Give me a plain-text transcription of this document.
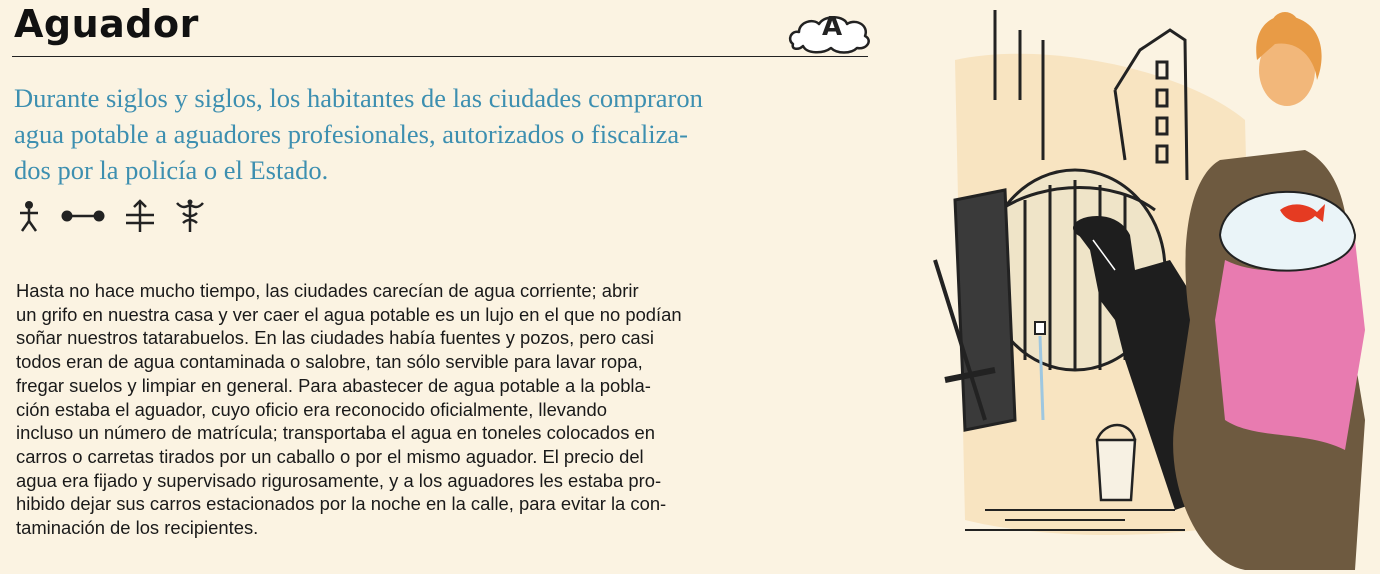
Aguador	A

Durante siglos y siglos, los habitantes de las ciudades compraron
agua potable a aguadores profesionales, autorizados o fiscaliza-
dos por la policía o el Estado.

Hasta no hace mucho tiempo, las ciudades carecían de agua corriente; abrir
un grifo en nuestra casa y ver caer el agua potable es un lujo en el que no podían
soñar nuestros tatarabuelos. En las ciudades había fuentes y pozos, pero casi
todos eran de agua contaminada o salobre, tan sólo servible para lavar ropa,
fregar suelos y limpiar en general. Para abastecer de agua potable a la pobla-
ción estaba el aguador, cuyo oficio era reconocido oficialmente, llevando
incluso un número de matrícula; transportaba el agua en toneles colocados en
carros o carretas tirados por un caballo o por el mismo aguador. El precio del
agua era fijado y supervisado rigurosamente, y a los aguadores les estaba pro-
hibido dejar sus carros estacionados por la noche en la calle, para evitar la con-
taminación de los recipientes.
